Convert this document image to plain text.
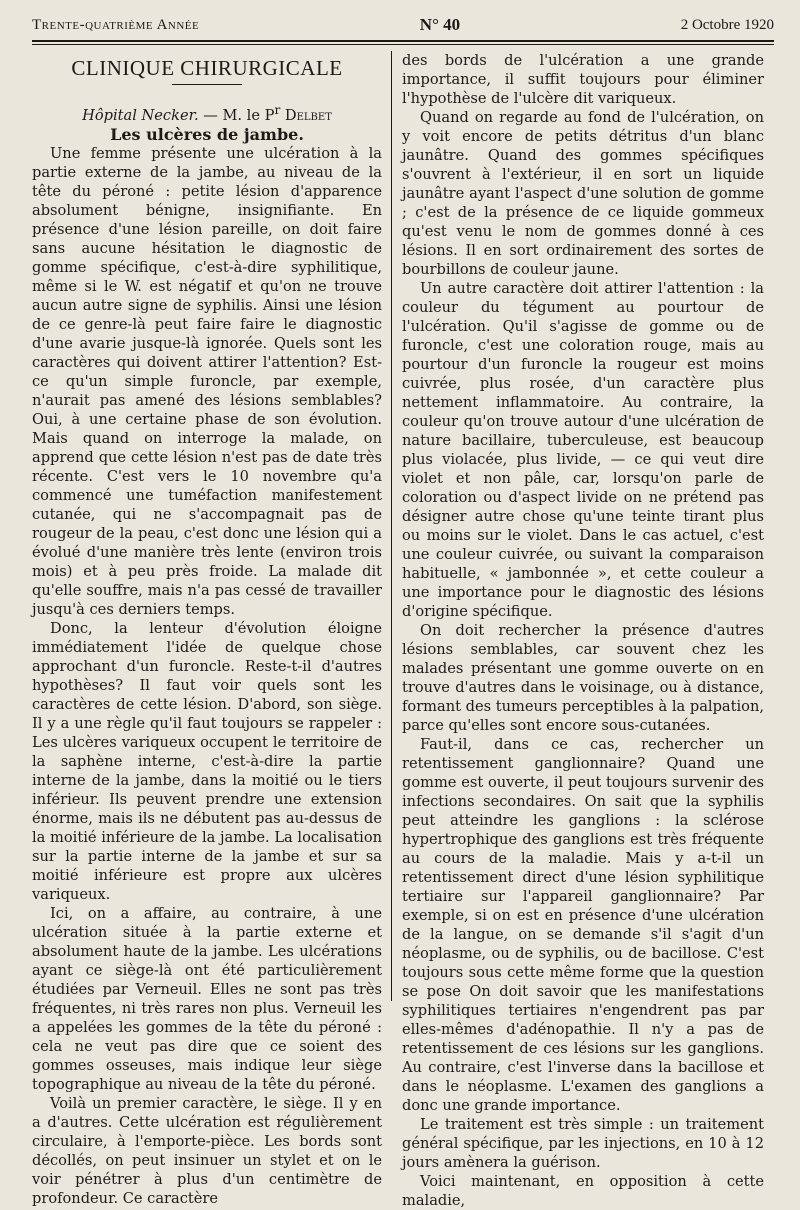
Trente-quatrième Année	N° 40	2 Octobre 1920
CLINIQUE CHIRURGICALE

Hôpital Necker. — M. le $P^r$ Delbet

Les ulcères de jambe.

Une femme présente une ulcération à la partie externe de la jambe, au niveau de la tête du péroné : petite lésion d'apparence absolument bénigne, insignifiante. En présence d'une lésion pareille, on doit faire sans aucune hésitation le diagnostic de gomme spécifique, c'est-à-dire syphilitique, même si le W. est négatif et qu'on ne trouve aucun autre signe de syphilis. Ainsi une lésion de ce genre-là peut faire faire le diagnostic d'une avarie jusque-là ignorée. Quels sont les caractères qui doivent attirer l'attention? Est-ce qu'un simple furoncle, par exemple, n'aurait pas amené des lésions semblables? Oui, à une certaine phase de son évolution. Mais quand on interroge la malade, on apprend que cette lésion n'est pas de date très récente. C'est vers le 10 novembre qu'a commencé une tuméfaction manifestement cutanée, qui ne s'accompagnait pas de rougeur de la peau, c'est donc une lésion qui a évolué d'une manière très lente (environ trois mois) et à peu près froide. La malade dit qu'elle souffre, mais n'a pas cessé de travailler jusqu'à ces derniers temps.

Donc, la lenteur d'évolution éloigne immédiatement l'idée de quelque chose approchant d'un furoncle. Reste-t-il d'autres hypothèses? Il faut voir quels sont les caractères de cette lésion. D'abord, son siège. Il y a une règle qu'il faut toujours se rappeler : Les ulcères variqueux occupent le territoire de la saphène interne, c'est-à-dire la partie interne de la jambe, dans la moitié ou le tiers inférieur. Ils peuvent prendre une extension énorme, mais ils ne débutent pas au-dessus de la moitié inférieure de la jambe. La localisation sur la partie interne de la jambe et sur sa moitié inférieure est propre aux ulcères variqueux.

Ici, on a affaire, au contraire, à une ulcération située à la partie externe et absolument haute de la jambe. Les ulcérations ayant ce siège-là ont été particulièrement étudiées par Verneuil. Elles ne sont pas très fréquentes, ni très rares non plus. Verneuil les a appelées les gommes de la tête du péroné : cela ne veut pas dire que ce soient des gommes osseuses, mais indique leur siège topographique au niveau de la tête du péroné.

Voilà un premier caractère, le siège. Il y en a d'autres. Cette ulcération est régulièrement circulaire, à l'emporte-pièce. Les bords sont décollés, on peut insinuer un stylet et on le voir pénétrer à plus d'un centimètre de profondeur. Ce caractère

des bords de l'ulcération a une grande importance, il suffit toujours pour éliminer l'hypothèse de l'ulcère dit variqueux.

Quand on regarde au fond de l'ulcération, on y voit encore de petits détritus d'un blanc jaunâtre. Quand des gommes spécifiques s'ouvrent à l'extérieur, il en sort un liquide jaunâtre ayant l'aspect d'une solution de gomme ; c'est de la présence de ce liquide gommeux qu'est venu le nom de gommes donné à ces lésions. Il en sort ordinairement des sortes de bourbillons de couleur jaune.

Un autre caractère doit attirer l'attention : la couleur du tégument au pourtour de l'ulcération. Qu'il s'agisse de gomme ou de furoncle, c'est une coloration rouge, mais au pourtour d'un furoncle la rougeur est moins cuivrée, plus rosée, d'un caractère plus nettement inflammatoire. Au contraire, la couleur qu'on trouve autour d'une ulcération de nature bacillaire, tuberculeuse, est beaucoup plus violacée, plus livide, — ce qui veut dire violet et non pâle, car, lorsqu'on parle de coloration ou d'aspect livide on ne prétend pas désigner autre chose qu'une teinte tirant plus ou moins sur le violet. Dans le cas actuel, c'est une couleur cuivrée, ou suivant la comparaison habituelle, « jambonnée », et cette couleur a une importance pour le diagnostic des lésions d'origine spécifique.

On doit rechercher la présence d'autres lésions semblables, car souvent chez les malades présentant une gomme ouverte on en trouve d'autres dans le voisinage, ou à distance, formant des tumeurs perceptibles à la palpation, parce qu'elles sont encore sous-cutanées.

Faut-il, dans ce cas, rechercher un retentissement ganglionnaire? Quand une gomme est ouverte, il peut toujours survenir des infections secondaires. On sait que la syphilis peut atteindre les ganglions : la sclérose hypertrophique des ganglions est très fréquente au cours de la maladie. Mais y a-t-il un retentissement direct d'une lésion syphilitique tertiaire sur l'appareil ganglionnaire? Par exemple, si on est en présence d'une ulcération de la langue, on se demande s'il s'agit d'un néoplasme, ou de syphilis, ou de bacillose. C'est toujours sous cette même forme que la question se pose On doit savoir que les manifestations syphilitiques tertiaires n'engendrent pas par elles-mêmes d'adénopathie. Il n'y a pas de retentissement de ces lésions sur les ganglions. Au contraire, c'est l'inverse dans la bacillose et dans le néoplasme. L'examen des ganglions a donc une grande importance.

Le traitement est très simple : un traitement général spécifique, par les injections, en 10 à 12 jours amènera la guérison.

Voici maintenant, en opposition à cette maladie,
